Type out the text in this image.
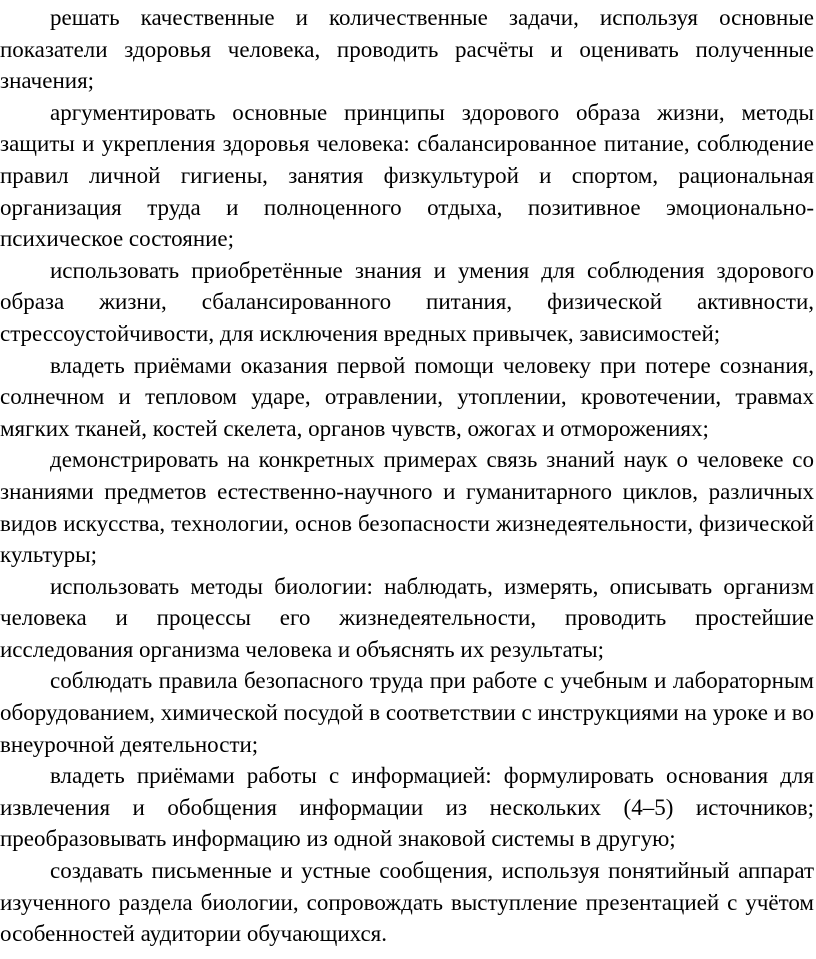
решать качественные и количественные задачи, используя основные показатели здоровья человека, проводить расчёты и оценивать полученные значения;

аргументировать основные принципы здорового образа жизни, методы защиты и укрепления здоровья человека: сбалансированное питание, соблюдение правил личной гигиены, занятия физкультурой и спортом, рациональная организация труда и полноценного отдыха, позитивное эмоционально-психическое состояние;

использовать приобретённые знания и умения для соблюдения здорового образа жизни, сбалансированного питания, физической активности, стрессоустойчивости, для исключения вредных привычек, зависимостей;

владеть приёмами оказания первой помощи человеку при потере сознания, солнечном и тепловом ударе, отравлении, утоплении, кровотечении, травмах мягких тканей, костей скелета, органов чувств, ожогах и отморожениях;

демонстрировать на конкретных примерах связь знаний наук о человеке со знаниями предметов естественно-научного и гуманитарного циклов, различных видов искусства, технологии, основ безопасности жизнедеятельности, физической культуры;

использовать методы биологии: наблюдать, измерять, описывать организм человека и процессы его жизнедеятельности, проводить простейшие исследования организма человека и объяснять их результаты;

соблюдать правила безопасного труда при работе с учебным и лабораторным оборудованием, химической посудой в соответствии с инструкциями на уроке и во внеурочной деятельности;

владеть приёмами работы с информацией: формулировать основания для извлечения и обобщения информации из нескольких (4–5) источников; преобразовывать информацию из одной знаковой системы в другую;

создавать письменные и устные сообщения, используя понятийный аппарат изученного раздела биологии, сопровождать выступление презентацией с учётом особенностей аудитории обучающихся.
